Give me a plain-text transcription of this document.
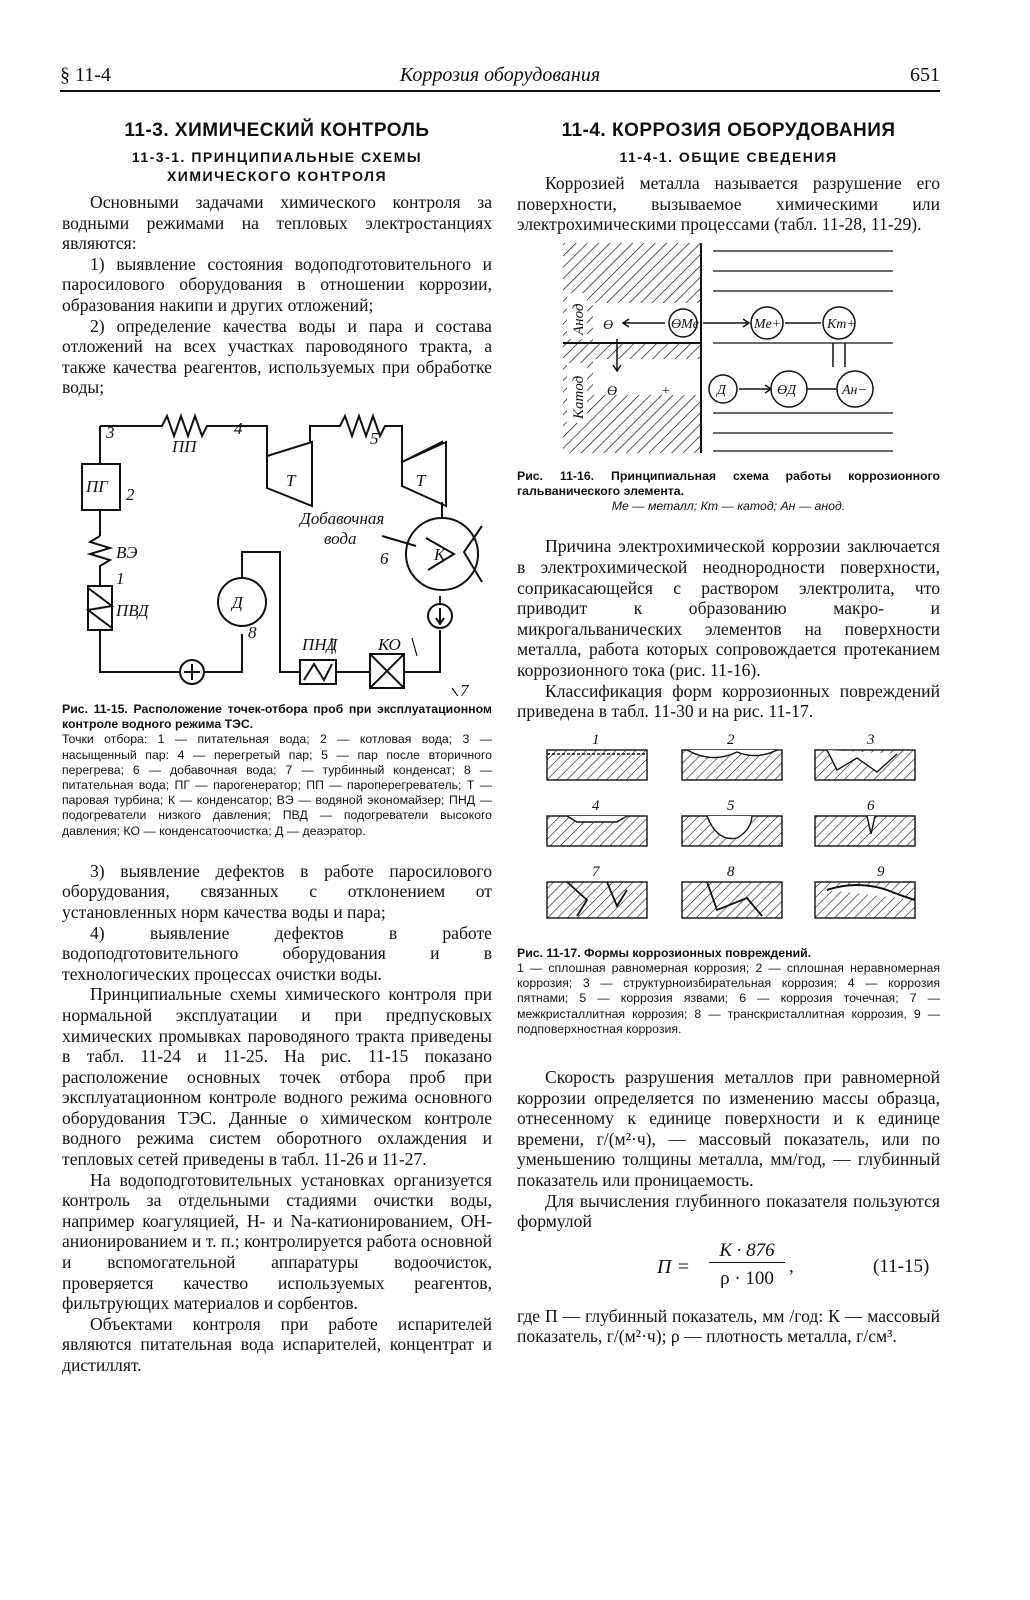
§ 11-4	Коррозия оборудования	651
11-3. ХИМИЧЕСКИЙ КОНТРОЛЬ
11-3-1. ПРИНЦИПИАЛЬНЫЕ СХЕМЫ
ХИМИЧЕСКОГО КОНТРОЛЯ

Основными задачами химического контроля за водными режимами на тепловых электростанциях являются:

1) выявление состояния водоподготовительного и паросилового оборудования в отношении коррозии, образования накипи и других отложений;

2) определение качества воды и пара и состава отложений на всех участках пароводяного тракта, а также качества реагентов, используемых при обработке воды;

3
ПП
4
Т
5
Т
ПГ 2
ВЭ
1
ПВД	Д
8
Добавочная
вода
6	К
ПНД КО
7
Рис. 11-15. Расположение точек-отбора проб при эксплуатационном контроле водного режима ТЭС.
Точки отбора: 1 — питательная вода; 2 — котловая вода; 3 — насыщенный пар: 4 — перегретый пар; 5 — пар после вторичного перегрева; 6 — добавочная вода; 7 — турбинный конденсат; 8 — питательная вода; ПГ — парогенератор; ПП — пароперегреватель; Т — паровая турбина; К — конденсатор; ВЭ — водяной экономайзер; ПНД — подогреватели низкого давления; ПВД — подогреватели высокого давления; КО — конденсатоочистка; Д — деаэратор.

3) выявление дефектов в работе паросилового оборудования, связанных с отклонением от установленных норм качества воды и пара;

4) выявление дефектов в работе водоподготовительного оборудования и в технологических процессах очистки воды.

Принципиальные схемы химического контроля при нормальной эксплуатации и при предпусковых химических промывках пароводяного тракта приведены в табл. 11-24 и 11-25. На рис. 11-15 показано расположение основных точек отбора проб при эксплуатационном контроле водного режима основного оборудования ТЭС. Данные о химическом контроле водного режима систем оборотного охлаждения и тепловых сетей приведены в табл. 11-26 и 11-27.

На водоподготовительных установках организуется контроль за отдельными стадиями очистки воды, например коагуляцией, Н- и Na-катионированием, ОН-анионированием и т. п.; контролируется работа основной и вспомогательной аппаратуры водоочисток, проверяется качество используемых реагентов, фильтрующих материалов и сорбентов.

Объектами контроля при работе испарителей являются питательная вода испарителей, концентрат и дистиллят.

11-4. КОРРОЗИЯ ОБОРУДОВАНИЯ
11-4-1. ОБЩИЕ СВЕДЕНИЯ

Коррозией металла называется разрушение его поверхности, вызываемое химическими или электрохимическими процессами (табл. 11-28, 11-29).

Анод
Катод
Ө	ӨМе	Ме+	Кт+
Ө	+	Д	ӨД	Ан−
Рис. 11-16. Принципиальная схема работы коррозионного гальванического элемента.
Ме — металл; Кт — катод; Ан — анод.

Причина электрохимической коррозии заключается в электрохимической неоднородности поверхности, соприкасающейся с раствором электролита, что приводит к образованию макро- и микрогальванических элементов на поверхности металла, работа которых сопровождается протеканием коррозионного тока (рис. 11-16).

Классификация форм коррозионных повреждений приведена в табл. 11-30 и на рис. 11-17.

1	2	3
4	5	6
7	8	9
Рис. 11-17. Формы коррозионных повреждений.
1 — сплошная равномерная коррозия; 2 — сплошная неравномерная коррозия; 3 — структурноизбирательная коррозия; 4 — коррозия пятнами; 5 — коррозия язвами; 6 — коррозия точечная; 7 — межкристаллитная коррозия; 8 — транскристаллитная коррозия, 9 — подповерхностная коррозия.

Скорость разрушения металлов при равномерной коррозии определяется по изменению массы образца, отнесенному к единице поверхности и к единице времени, г/(м²·ч), — массовый показатель, или по уменьшению толщины металла, мм/год, — глубинный показатель или проницаемость.

Для вычисления глубинного показателя пользуются формулой

П =
К · 876
ρ · 100
,	(11-15)

где П — глубинный показатель, мм /год: К — массовый показатель, г/(м²·ч); ρ — плотность металла, г/см³.
